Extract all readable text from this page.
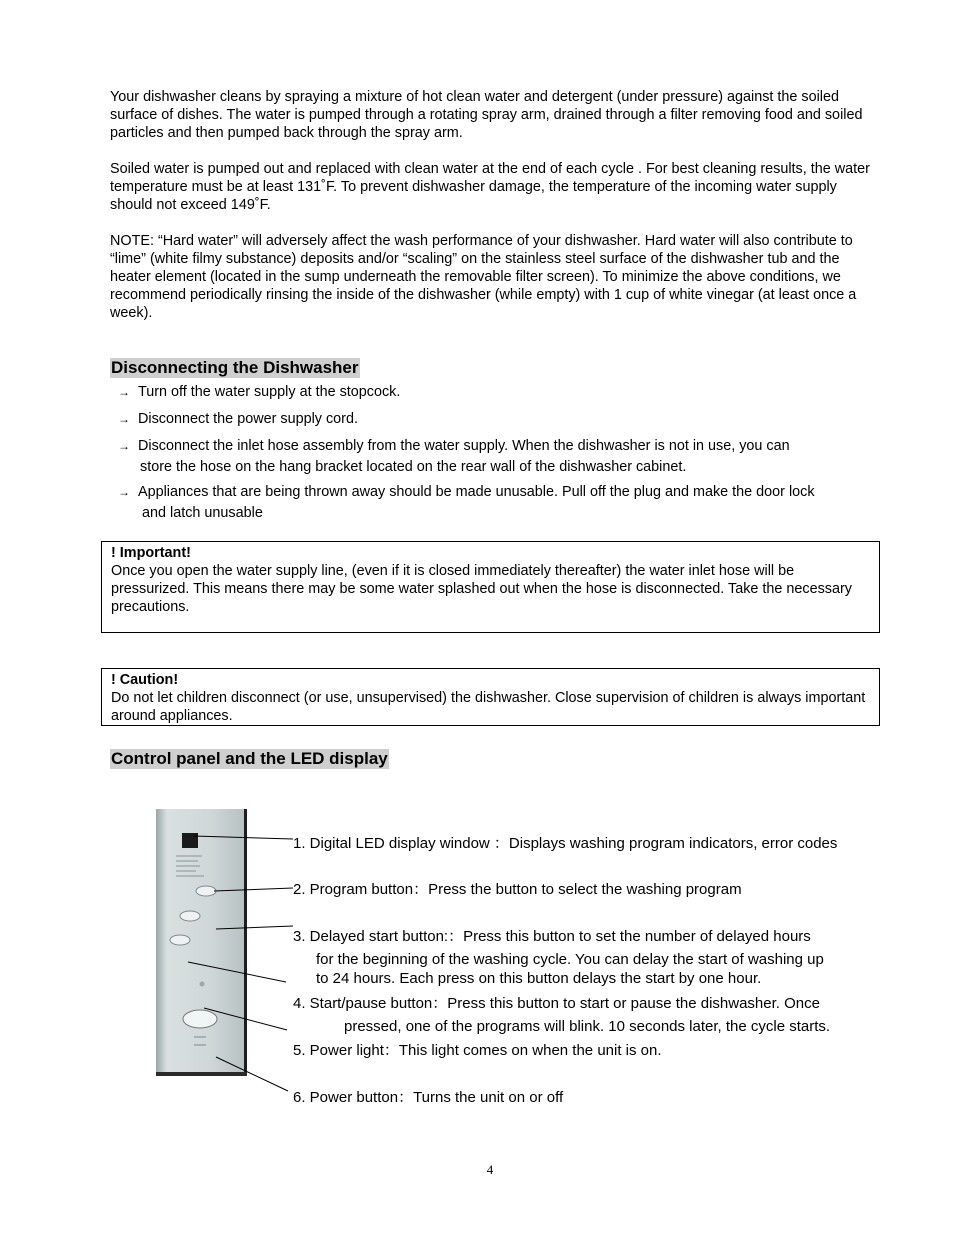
Your dishwasher cleans by spraying a mixture of hot clean water and detergent (under pressure) against the soiled surface of dishes. The water is pumped through a rotating spray arm, drained through a filter removing food and soiled particles and then pumped back through the spray arm.

Soiled water is pumped out and replaced with clean water at the end of each cycle . For best cleaning results, the water temperature must be at least 131˚F. To prevent dishwasher damage, the temperature of the incoming water supply should not exceed 149˚F.

NOTE: “Hard water” will adversely affect the wash performance of your dishwasher. Hard water will also contribute to “lime” (white filmy substance) deposits and/or “scaling” on the stainless steel surface of the dishwasher tub and the heater element (located in the sump underneath the removable filter screen). To minimize the above conditions, we recommend periodically rinsing the inside of the dishwasher (while empty) with 1 cup of white vinegar (at least once a week).

Disconnecting the Dishwasher

→ Turn off the water supply at the stopcock.

→ Disconnect the power supply cord.

→ Disconnect the inlet hose assembly from the water supply. When the dishwasher is not in use, you can
store the hose on the hang bracket located on the rear wall of the dishwasher cabinet.

→ Appliances that are being thrown away should be made unusable. Pull off the plug and make the door lock
and latch unusable

! Important!
Once you open the water supply line, (even if it is closed immediately thereafter) the water inlet hose will be pressurized. This means there may be some water splashed out when the hose is disconnected. Take the necessary precautions.
! Caution!
Do not let children disconnect (or use, unsupervised) the dishwasher. Close supervision of children is always important around appliances.
Control panel and the LED display

1. Digital LED display window ：Displays washing program indicators, error codes

2. Program button：Press the button to select the washing program

3. Delayed start button:：Press this button to set the number of delayed hours

for the beginning of the washing cycle. You can delay the start of washing up

to 24 hours. Each press on this button delays the start by one hour.

4. Start/pause button：Press this button to start or pause the dishwasher. Once

pressed, one of the programs will blink. 10 seconds later, the cycle starts.

5. Power light：This light comes on when the unit is on.

6. Power button：Turns the unit on or off

4
